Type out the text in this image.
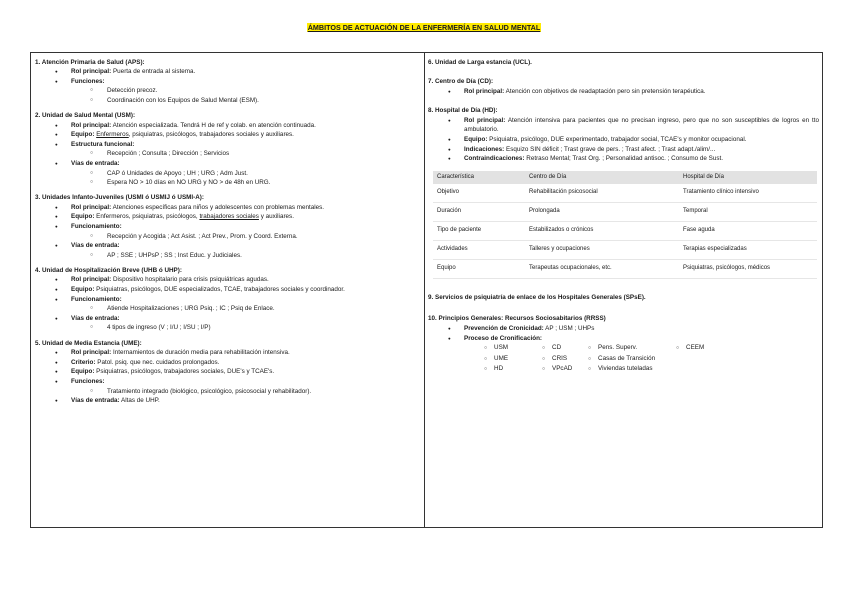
ÁMBITOS DE ACTUACIÓN DE LA ENFERMERÍA EN SALUD MENTAL
1. Atención Primaria de Salud (APS):
● Rol principal: Puerta de entrada al sistema.
● Funciones:
○ Detección precoz.
○ Coordinación con los Equipos de Salud Mental (ESM).
2. Unidad de Salud Mental (USM):
● Rol principal: Atención especializada. Tendrá H de ref y colab. en atención continuada.
● Equipo: Enfermeros, psiquiatras, psicólogos, trabajadores sociales y auxiliares.
● Estructura funcional:
○ Recepción ; Consulta ; Dirección ; Servicios
● Vías de entrada:
○ CAP ó Unidades de Apoyo ; UH ; URG ; Adm Just.
○ Espera NO > 10 días en NO URG y NO > de 48h en URG.
3. Unidades Infanto-Juveniles (USMI ó USMIJ ó USMI-A):
● Rol principal: Atenciones específicas para niños y adolescentes con problemas mentales.
● Equipo: Enfermeros, psiquiatras, psicólogos, trabajadores sociales y auxiliares.
● Funcionamiento:
○ Recepción y Acogida ; Act Asist. ; Act Prev., Prom. y Coord. Externa.
● Vías de entrada:
○ AP ; SSE ; UHPsP ; SS ; Inst Educ. y Judiciales.
4. Unidad de Hospitalización Breve (UHB ó UHP):
● Rol principal: Dispositivo hospitalario para crisis psiquiátricas agudas.
● Equipo: Psiquiatras, psicólogos, DUE especializados, TCAE, trabajadores sociales y coordinador.
● Funcionamiento:
○ Atiende Hospitalizaciones ; URG Psiq. ; IC ; Psiq de Enlace.
● Vías de entrada:
○ 4 tipos de ingreso (V ; I/U ; I/SU ; I/P)
5. Unidad de Media Estancia (UME):
● Rol principal: Internamientos de duración media para rehabilitación intensiva.
● Criterio: Patol. psiq. que nec. cuidados prolongados.
● Equipo: Psiquiatras, psicólogos, trabajadores sociales, DUE's y TCAE's.
● Funciones:
○ Tratamiento integrado (biológico, psicológico, psicosocial y rehabilitador).
● Vías de entrada: Altas de UHP.
6. Unidad de Larga estancia (UCL).
7. Centro de Día (CD):
● Rol principal: Atención con objetivos de readaptación pero sin pretensión terapéutica.
8. Hospital de Día (HD):
● Rol principal: Atención intensiva para pacientes que no precisan ingreso, pero que no son susceptibles de logros en tto ambulatorio.
● Equipo: Psiquiatra, psicólogo, DUE experimentado, trabajador social, TCAE's y monitor ocupacional.
● Indicaciones: Esquizo SIN déficit ; Trast grave de pers. ; Trast afect. ; Trast adapt./alim/...
● Contraindicaciones: Retraso Mental; Trast Org. ; Personalidad antisoc. ; Consumo de Sust.
Característica	Centro de Día	Hospital de Día
Objetivo	Rehabilitación psicosocial	Tratamiento clínico intensivo
Duración	Prolongada	Temporal
Tipo de paciente	Estabilizados o crónicos	Fase aguda
Actividades	Talleres y ocupaciones	Terapias especializadas
Equipo	Terapeutas ocupacionales, etc.	Psiquiatras, psicólogos, médicos
9. Servicios de psiquiatría de enlace de los Hospitales Generales (SPsE).
10. Principios Generales: Recursos Sociosabitarios (RRSS)
● Prevención de Cronicidad: AP ; USM ; UHPs
● Proceso de Cronificación:
○ USM	○ CD	○ Pens. Superv.	○ CEEM
○ UME	○ CRIS	○ Casas de Transición
○ HD	○ VPcAD	○ Viviendas tuteladas
